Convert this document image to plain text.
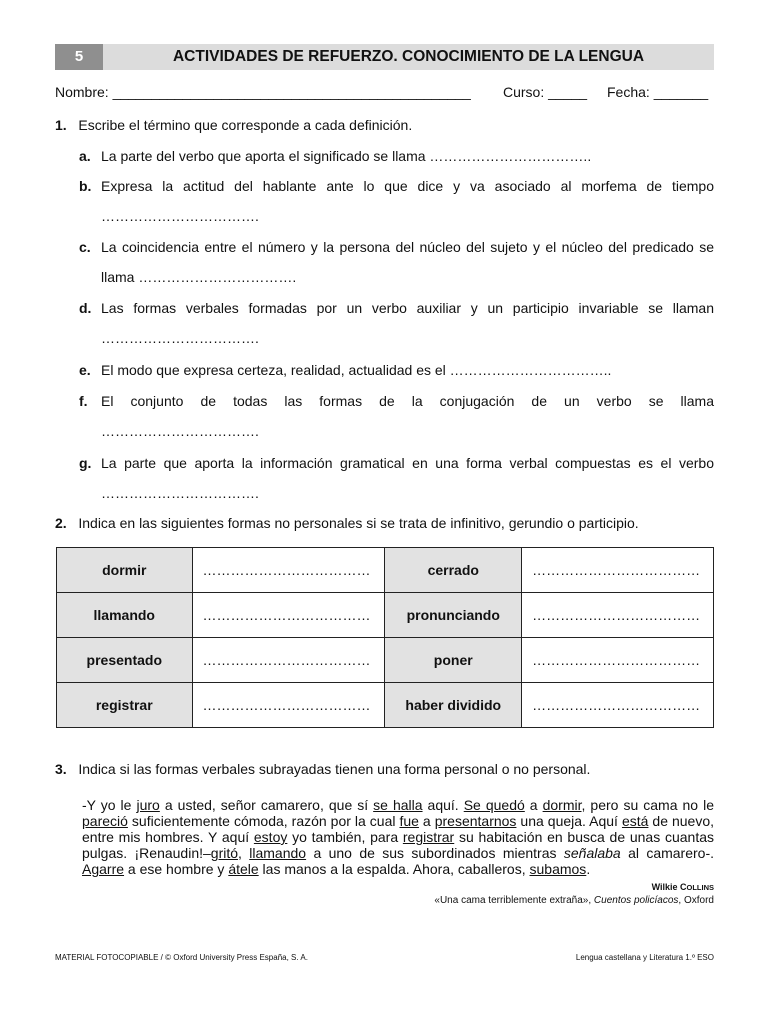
5	ACTIVIDADES DE REFUERZO. CONOCIMIENTO DE LA LENGUA
Nombre: ______________________________________________ Curso: _____ Fecha: _______
1. Escribe el término que corresponde a cada definición.
a. La parte del verbo que aporta el significado se llama ……………………………..
b. Expresa la actitud del hablante ante lo que dice y va asociado al morfema de tiempo
…………………………….
c. La coincidencia entre el número y la persona del núcleo del sujeto y el núcleo del predicado se
llama …………………………….
d. Las formas verbales formadas por un verbo auxiliar y un participio invariable se llaman
…………………………….
e. El modo que expresa certeza, realidad, actualidad es el ……………………………..
f. El conjunto de todas las formas de la conjugación de un verbo se llama
…………………………….
g. La parte que aporta la información gramatical en una forma verbal compuestas es el verbo
…………………………….
2. Indica en las siguientes formas no personales si se trata de infinitivo, gerundio o participio.
dormir	………………………………	cerrado	………………………………
llamando	………………………………	pronunciando	………………………………
presentado	………………………………	poner	………………………………
registrar	………………………………	haber dividido	………………………………
3. Indica si las formas verbales subrayadas tienen una forma personal o no personal.
-Y yo le juro a usted, señor camarero, que sí se halla aquí. Se quedó a dormir, pero su cama no le pareció suficientemente cómoda, razón por la cual fue a presentarnos una queja. Aquí está de nuevo, entre mis hombres. Y aquí estoy yo también, para registrar su habitación en busca de unas cuantas pulgas. ¡Renaudin!–gritó, llamando a uno de sus subordinados mientras señalaba al camarero-. Agarre a ese hombre y átele las manos a la espalda. Ahora, caballeros, subamos.
Wilkie COLLINS
«Una cama terriblemente extraña», Cuentos policíacos, Oxford
MATERIAL FOTOCOPIABLE / © Oxford University Press España, S. A.	Lengua castellana y Literatura 1.º ESO
